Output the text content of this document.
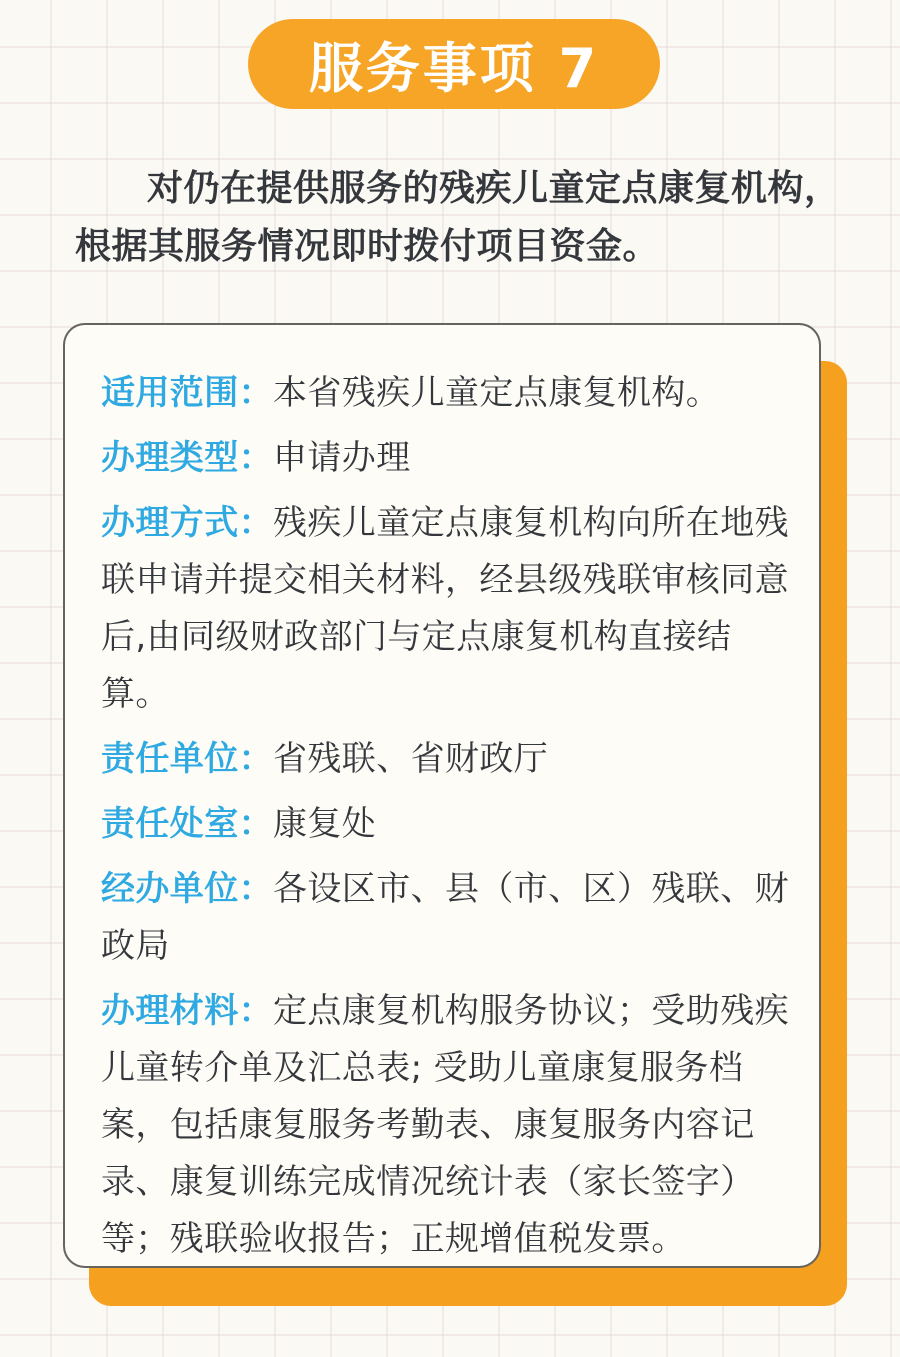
服务事项 7
对仍在提供服务的残疾儿童定点康复机构，根据其服务情况即时拨付项目资金。

适用范围：本省残疾儿童定点康复机构。

办理类型：申请办理

办理方式：残疾儿童定点康复机构向所在地残联申请并提交相关材料，经县级残联审核同意后,由同级财政部门与定点康复机构直接结算。

责任单位：省残联、省财政厅

责任处室：康复处

经办单位：各设区市、县（市、区）残联、财政局

办理材料：定点康复机构服务协议；受助残疾儿童转介单及汇总表; 受助儿童康复服务档案，包括康复服务考勤表、康复服务内容记录、康复训练完成情况统计表（家长签字）等；残联验收报告；正规增值税发票。
